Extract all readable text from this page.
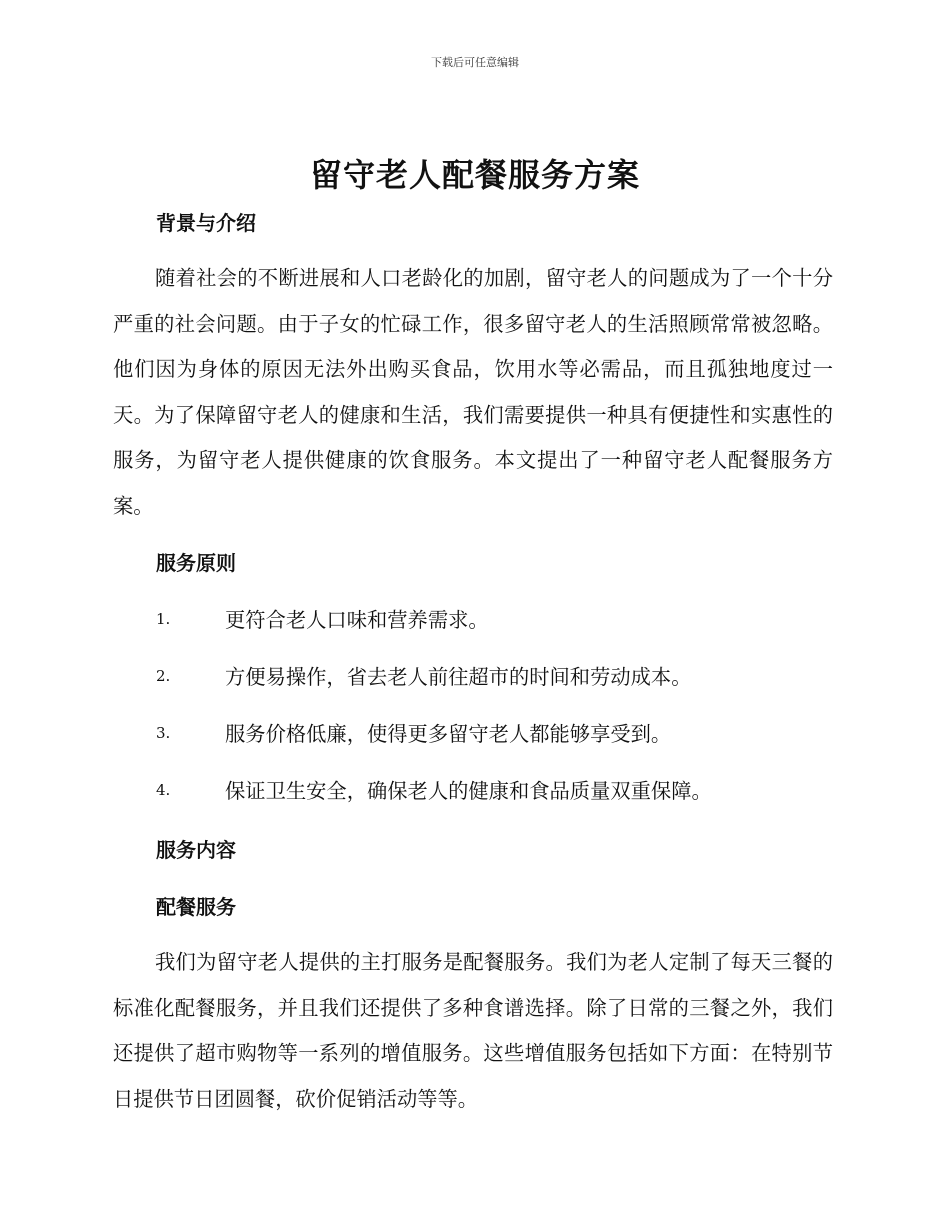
下载后可任意编辑
留守老人配餐服务方案
背景与介绍

随着社会的不断进展和人口老龄化的加剧，留守老人的问题成为了一个十分严重的社会问题。由于子女的忙碌工作，很多留守老人的生活照顾常常被忽略。他们因为身体的原因无法外出购买食品，饮用水等必需品，而且孤独地度过一天。为了保障留守老人的健康和生活，我们需要提供一种具有便捷性和实惠性的服务，为留守老人提供健康的饮食服务。本文提出了一种留守老人配餐服务方案。

服务原则
1.	更符合老人口味和营养需求。
2.	方便易操作，省去老人前往超市的时间和劳动成本。
3.	服务价格低廉，使得更多留守老人都能够享受到。
4.	保证卫生安全，确保老人的健康和食品质量双重保障。
服务内容
配餐服务

我们为留守老人提供的主打服务是配餐服务。我们为老人定制了每天三餐的标准化配餐服务，并且我们还提供了多种食谱选择。除了日常的三餐之外，我们还提供了超市购物等一系列的增值服务。这些增值服务包括如下方面：在特别节日提供节日团圆餐，砍价促销活动等等。
